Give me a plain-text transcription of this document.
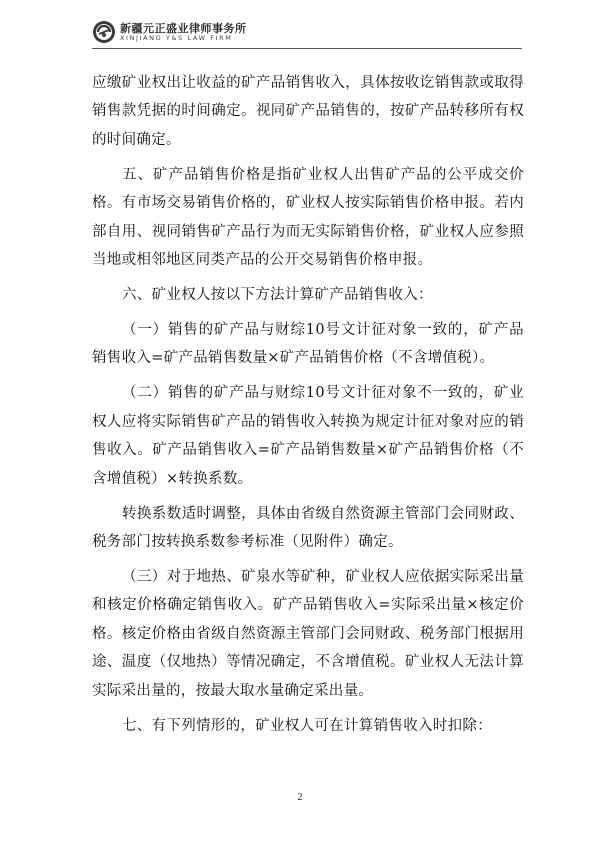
新疆元正盛业律师事务所
XINJIANG Y&S LAW FIRM

应缴矿业权出让收益的矿产品销售收入，具体按收讫销售款或取得销售款凭据的时间确定。视同矿产品销售的，按矿产品转移所有权的时间确定。

五、矿产品销售价格是指矿业权人出售矿产品的公平成交价格。有市场交易销售价格的，矿业权人按实际销售价格申报。若内部自用、视同销售矿产品行为而无实际销售价格，矿业权人应参照当地或相邻地区同类产品的公开交易销售价格申报。

六、矿业权人按以下方法计算矿产品销售收入：

（一）销售的矿产品与财综10号文计征对象一致的，矿产品销售收入=矿产品销售数量×矿产品销售价格（不含增值税）。

（二）销售的矿产品与财综10号文计征对象不一致的，矿业权人应将实际销售矿产品的销售收入转换为规定计征对象对应的销售收入。矿产品销售收入=矿产品销售数量×矿产品销售价格（不含增值税）×转换系数。

转换系数适时调整，具体由省级自然资源主管部门会同财政、税务部门按转换系数参考标准（见附件）确定。

（三）对于地热、矿泉水等矿种，矿业权人应依据实际采出量和核定价格确定销售收入。矿产品销售收入=实际采出量×核定价格。核定价格由省级自然资源主管部门会同财政、税务部门根据用途、温度（仅地热）等情况确定，不含增值税。矿业权人无法计算实际采出量的，按最大取水量确定采出量。

七、有下列情形的，矿业权人可在计算销售收入时扣除：

2
